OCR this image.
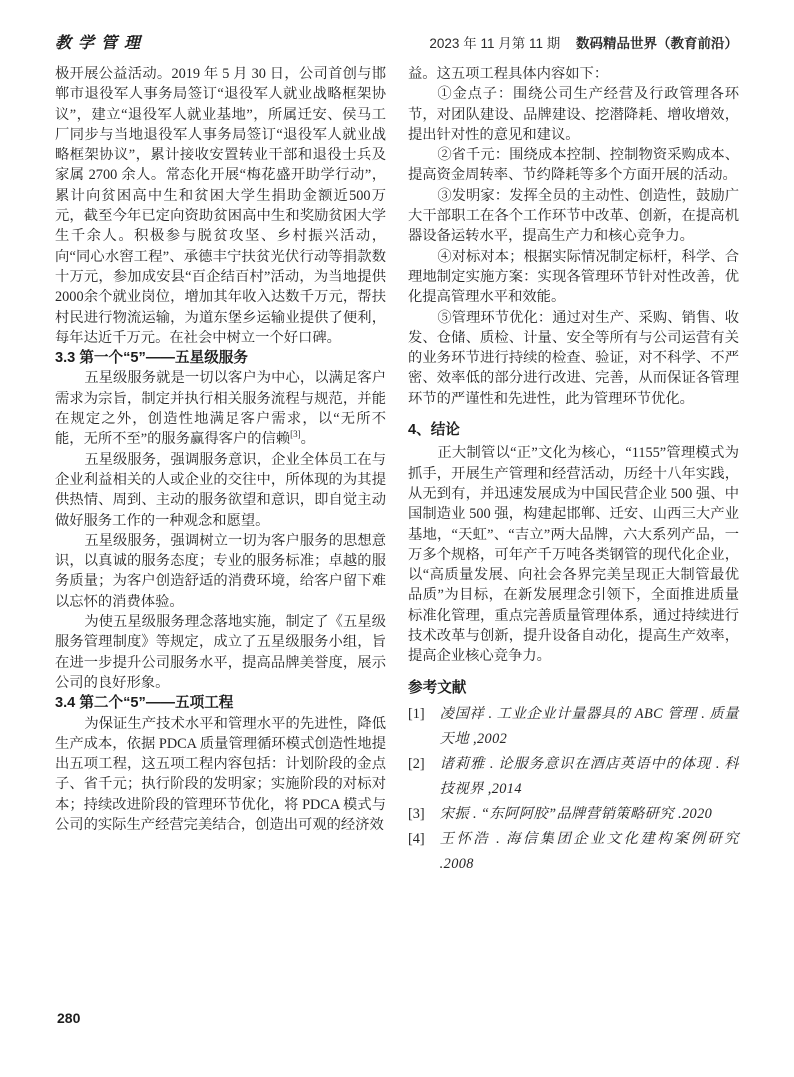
教学管理	2023 年 11 月第 11 期 数码精品世界（教育前沿）

极开展公益活动。2019 年 5 月 30 日，公司首创与邯郸市退役军人事务局签订“退役军人就业战略框架协议”，建立“退役军人就业基地”，所属迁安、侯马工厂同步与当地退役军人事务局签订“退役军人就业战略框架协议”，累计接收安置转业干部和退役士兵及家属 2700 余人。常态化开展“梅花盛开助学行动”，累计向贫困高中生和贫困大学生捐助金额近500万元，截至今年已定向资助贫困高中生和奖励贫困大学生千余人。积极参与脱贫攻坚、乡村振兴活动，向“同心水窖工程”、承德丰宁扶贫光伏行动等捐款数十万元，参加成安县“百企结百村”活动，为当地提供2000余个就业岗位，增加其年收入达数千万元，帮扶村民进行物流运输，为道东堡乡运输业提供了便利，每年达近千万元。在社会中树立一个好口碑。

3.3 第一个“5”——五星级服务

五星级服务就是一切以客户为中心，以满足客户需求为宗旨，制定并执行相关服务流程与规范，并能在规定之外，创造性地满足客户需求，以“无所不能，无所不至”的服务赢得客户的信赖[3]。

五星级服务，强调服务意识，企业全体员工在与企业利益相关的人或企业的交往中，所体现的为其提供热情、周到、主动的服务欲望和意识，即自觉主动做好服务工作的一种观念和愿望。

五星级服务，强调树立一切为客户服务的思想意识，以真诚的服务态度；专业的服务标准；卓越的服务质量；为客户创造舒适的消费环境，给客户留下难以忘怀的消费体验。

为使五星级服务理念落地实施，制定了《五星级服务管理制度》等规定，成立了五星级服务小组，旨在进一步提升公司服务水平，提高品牌美誉度，展示公司的良好形象。

3.4 第二个“5”——五项工程

为保证生产技术水平和管理水平的先进性，降低生产成本，依据 PDCA 质量管理循环模式创造性地提出五项工程，这五项工程内容包括：计划阶段的金点子、省千元；执行阶段的发明家；实施阶段的对标对本；持续改进阶段的管理环节优化，将 PDCA 模式与公司的实际生产经营完美结合，创造出可观的经济效

益。这五项工程具体内容如下：

①金点子：围绕公司生产经营及行政管理各环节，对团队建设、品牌建设、挖潜降耗、增收增效，提出针对性的意见和建议。

②省千元：围绕成本控制、控制物资采购成本、提高资金周转率、节约降耗等多个方面开展的活动。

③发明家：发挥全员的主动性、创造性，鼓励广大干部职工在各个工作环节中改革、创新，在提高机器设备运转水平，提高生产力和核心竞争力。

④对标对本；根据实际情况制定标杆，科学、合理地制定实施方案：实现各管理环节针对性改善，优化提高管理水平和效能。

⑤管理环节优化：通过对生产、采购、销售、收发、仓储、质检、计量、安全等所有与公司运营有关的业务环节进行持续的检查、验证，对不科学、不严密、效率低的部分进行改进、完善，从而保证各管理环节的严谨性和先进性，此为管理环节优化。

4、结论

正大制管以“正”文化为核心，“1155”管理模式为抓手，开展生产管理和经营活动，历经十八年实践，从无到有，并迅速发展成为中国民营企业 500 强、中国制造业 500 强，构建起邯郸、迁安、山西三大产业基地，“天虹”、“吉立”两大品牌，六大系列产品，一万多个规格，可年产千万吨各类钢管的现代化企业，以“高质量发展、向社会各界完美呈现正大制管最优品质”为目标，在新发展理念引领下，全面推进质量标准化管理，重点完善质量管理体系，通过持续进行技术改革与创新，提升设备自动化，提高生产效率，提高企业核心竞争力。

参考文献

[1] 凌国祥 . 工业企业计量器具的 ABC 管理 . 质量天地 ,2002

[2] 诸莉雅 . 论服务意识在酒店英语中的体现 . 科技视界 ,2014

[3] 宋振 . “东阿阿胶”品牌营销策略研究 .2020

[4] 王怀浩 . 海信集团企业文化建构案例研究 .2008

280
